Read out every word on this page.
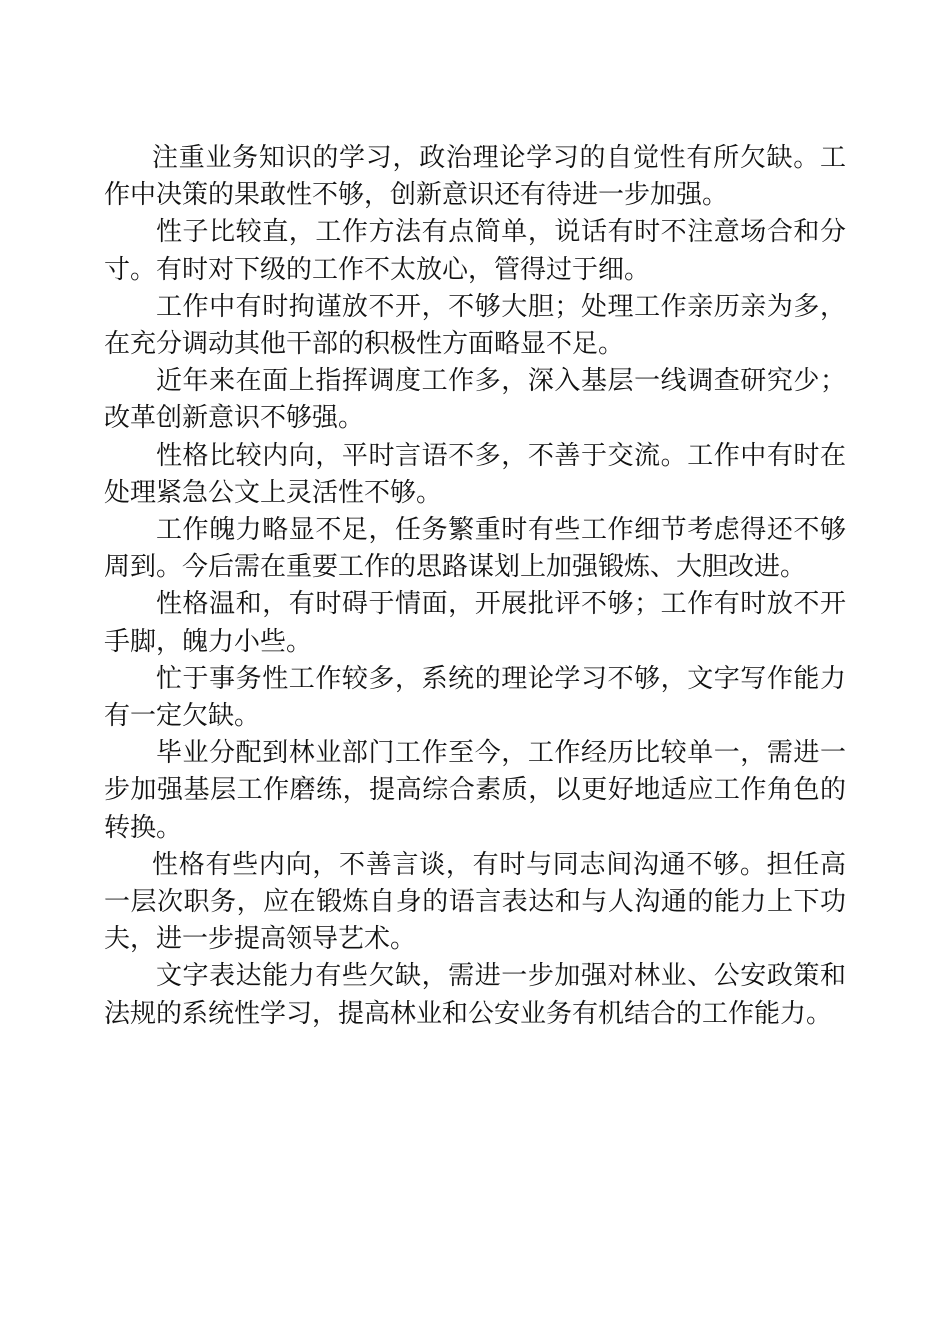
注重业务知识的学习，政治理论学习的自觉性有所欠缺。工作中决策的果敢性不够，创新意识还有待进一步加强。

性子比较直，工作方法有点简单，说话有时不注意场合和分寸。有时对下级的工作不太放心，管得过于细。

工作中有时拘谨放不开，不够大胆；处理工作亲历亲为多，在充分调动其他干部的积极性方面略显不足。

近年来在面上指挥调度工作多，深入基层一线调查研究少；改革创新意识不够强。

性格比较内向，平时言语不多，不善于交流。工作中有时在处理紧急公文上灵活性不够。

工作魄力略显不足，任务繁重时有些工作细节考虑得还不够周到。今后需在重要工作的思路谋划上加强锻炼、大胆改进。

性格温和，有时碍于情面，开展批评不够；工作有时放不开手脚，魄力小些。

忙于事务性工作较多，系统的理论学习不够，文字写作能力有一定欠缺。

毕业分配到林业部门工作至今，工作经历比较单一，需进一步加强基层工作磨练，提高综合素质，以更好地适应工作角色的转换。

性格有些内向，不善言谈，有时与同志间沟通不够。担任高一层次职务，应在锻炼自身的语言表达和与人沟通的能力上下功夫，进一步提高领导艺术。

文字表达能力有些欠缺，需进一步加强对林业、公安政策和法规的系统性学习，提高林业和公安业务有机结合的工作能力。
